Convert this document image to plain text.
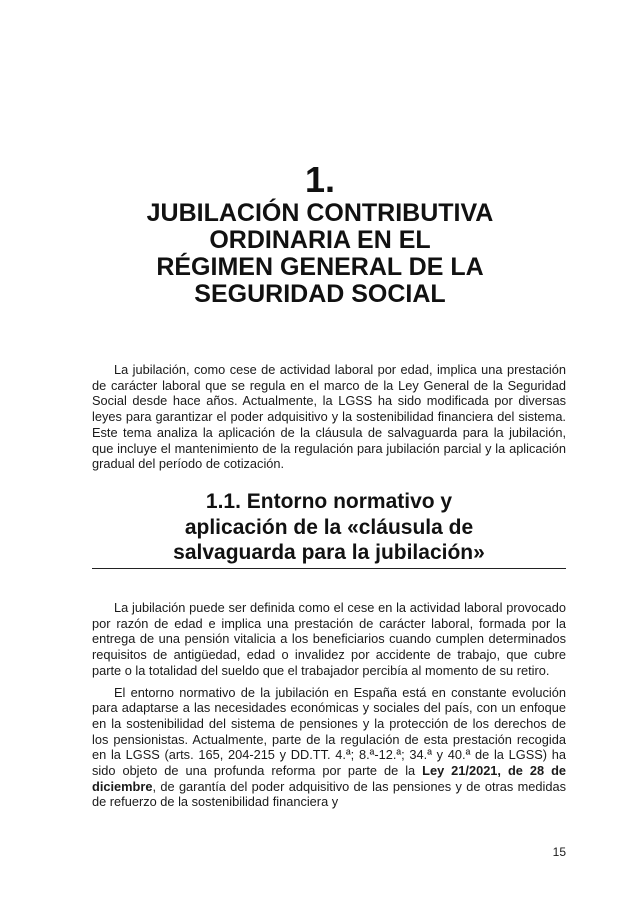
1.
JUBILACIÓN CONTRIBUTIVA
ORDINARIA EN EL
RÉGIMEN GENERAL DE LA
SEGURIDAD SOCIAL

La jubilación, como cese de actividad laboral por edad, implica una prestación de carácter laboral que se regula en el marco de la Ley General de la Seguridad Social desde hace años. Actualmente, la LGSS ha sido modificada por diversas leyes para garantizar el poder adquisitivo y la sostenibilidad financiera del sistema. Este tema analiza la aplicación de la cláusula de salvaguarda para la jubilación, que incluye el mantenimiento de la regulación para jubilación parcial y la aplicación gradual del período de cotización.

1.1. Entorno normativo y
aplicación de la «cláusula de
salvaguarda para la jubilación»

La jubilación puede ser definida como el cese en la actividad laboral provocado por razón de edad e implica una prestación de carácter laboral, formada por la entrega de una pensión vitalicia a los beneficiarios cuando cumplen determinados requisitos de antigüedad, edad o invalidez por accidente de trabajo, que cubre parte o la totalidad del sueldo que el trabajador percibía al momento de su retiro.

El entorno normativo de la jubilación en España está en constante evolución para adaptarse a las necesidades económicas y sociales del país, con un enfoque en la sostenibilidad del sistema de pensiones y la protección de los derechos de los pensionistas. Actualmente, parte de la regulación de esta prestación recogida en la LGSS (arts. 165, 204-215 y DD.TT. 4.ª; 8.ª-12.ª; 34.ª y 40.ª de la LGSS) ha sido objeto de una profunda reforma por parte de la Ley 21/2021, de 28 de diciembre, de garantía del poder adquisitivo de las pensiones y de otras medidas de refuerzo de la sostenibilidad financiera y

15
